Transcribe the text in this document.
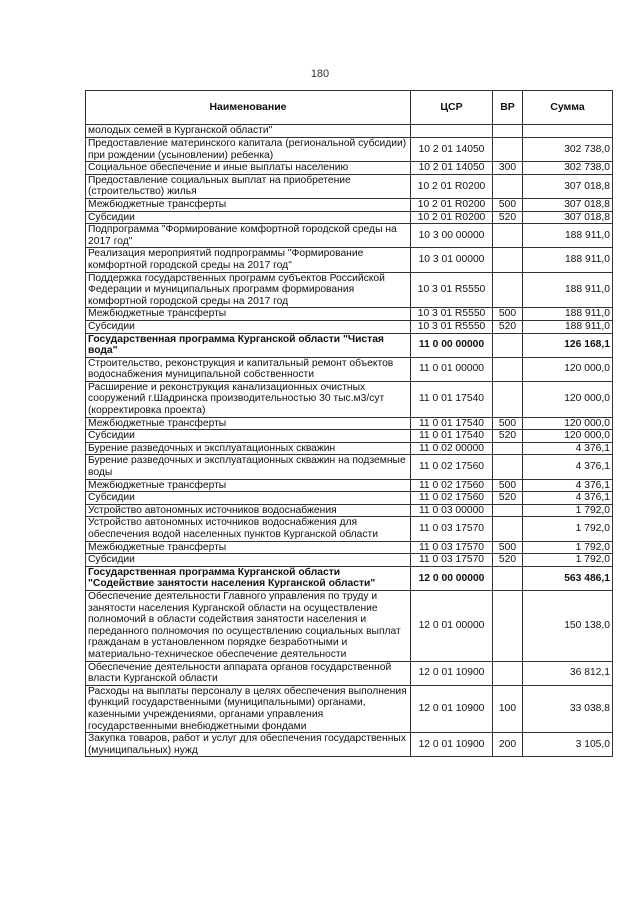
180
Наименование	ЦСР	ВР	Сумма
молодых семей в Курганской области"			
Предоставление материнского капитала (региональной субсидии) при рождении (усыновлении) ребенка)	10 2 01 14050		302 738,0
Социальное обеспечение и иные выплаты населению	10 2 01 14050	300	302 738,0
Предоставление социальных выплат на приобретение (строительство) жилья	10 2 01 R0200		307 018,8
Межбюджетные трансферты	10 2 01 R0200	500	307 018,8
Субсидии	10 2 01 R0200	520	307 018,8
Подпрограмма "Формирование комфортной городской среды на 2017 год"	10 3 00 00000		188 911,0
Реализация мероприятий подпрограммы "Формирование комфортной городской среды на 2017 год"	10 3 01 00000		188 911,0
Поддержка государственных программ субъектов Российской Федерации и муниципальных программ формирования комфортной городской среды на 2017 год	10 3 01 R5550		188 911,0
Межбюджетные трансферты	10 3 01 R5550	500	188 911,0
Субсидии	10 3 01 R5550	520	188 911,0
Государственная программа Курганской области "Чистая вода"	11 0 00 00000		126 168,1
Строительство, реконструкция и капитальный ремонт объектов водоснабжения муниципальной собственности	11 0 01 00000		120 000,0
Расширение и реконструкция канализационных очистных сооружений г.Шадринска производительностью 30 тыс.м3/сут (корректировка проекта)	11 0 01 17540		120 000,0
Межбюджетные трансферты	11 0 01 17540	500	120 000,0
Субсидии	11 0 01 17540	520	120 000,0
Бурение разведочных и эксплуатационных скважин	11 0 02 00000		4 376,1
Бурение разведочных и эксплуатационных скважин на подземные воды	11 0 02 17560		4 376,1
Межбюджетные трансферты	11 0 02 17560	500	4 376,1
Субсидии	11 0 02 17560	520	4 376,1
Устройство автономных источников водоснабжения	11 0 03 00000		1 792,0
Устройство автономных источников водоснабжения для обеспечения водой населенных пунктов Курганской области	11 0 03 17570		1 792,0
Межбюджетные трансферты	11 0 03 17570	500	1 792,0
Субсидии	11 0 03 17570	520	1 792,0
Государственная программа Курганской области "Содействие занятости населения Курганской области"	12 0 00 00000		563 486,1
Обеспечение деятельности Главного управления по труду и занятости населения Курганской области на осуществление полномочий в области содействия занятости населения и переданного полномочия по осуществлению социальных выплат гражданам в установленном порядке безработными и материально-техническое обеспечение деятельности	12 0 01 00000		150 138,0
Обеспечение деятельности аппарата органов государственной власти Курганской области	12 0 01 10900		36 812,1
Расходы на выплаты персоналу в целях обеспечения выполнения функций государственными (муниципальными) органами, казенными учреждениями, органами управления государственными внебюджетными фондами	12 0 01 10900	100	33 038,8
Закупка товаров, работ и услуг для обеспечения государственных (муниципальных) нужд	12 0 01 10900	200	3 105,0
